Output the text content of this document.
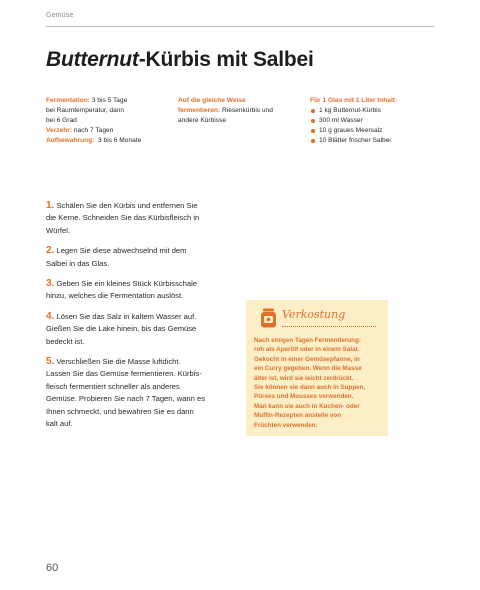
Gemüse
Butternut-Kürbis mit Salbei
Fermentation: 3 bis 5 Tage
bei Raumtemperatur, dann
bei 6 Grad
Verzehr: nach 7 Tagen
Aufbewahrung: 3 bis 6 Monate
Auf die gleiche Weise
fermentieren: Riesenkürbis und
andere Kürbisse
Für 1 Glas mit 1 Liter Inhalt:
1 kg Butternut-Kürbis
300 ml Wasser
10 g graues Meersalz
10 Blätter frischer Salbei
1. Schälen Sie den Kürbis und entfernen Sie
die Kerne. Schneiden Sie das Kürbisfleisch in
Würfel.
2. Legen Sie diese abwechselnd mit dem
Salbei in das Glas.
3. Geben Sie ein kleines Stück Kürbisschale
hinzu, welches die Fermentation auslöst.
4. Lösen Sie das Salz in kaltem Wasser auf.
Gießen Sie die Lake hinein, bis das Gemüse
bedeckt ist.
5. Verschließen Sie die Masse luftdicht.
Lassen Sie das Gemüse fermentieren. Kürbis-
fleisch fermentiert schneller als anderes
Gemüse. Probieren Sie nach 7 Tagen, wann es
Ihnen schmeckt, und bewahren Sie es dann
kalt auf.
Verkostung
Nach einigen Tagen Fermentierung:
roh als Aperitif oder in einem Salat.
Gekocht in einer Gemüsepfanne, in
ein Curry gegeben. Wenn die Masse
älter ist, wird sie leicht zerdrückt.
Sie können sie dann auch in Suppen,
Pürees und Mousses verwenden.
Man kann sie auch in Kuchen- oder
Muffin-Rezepten anstelle von
Früchten verwenden.
60
